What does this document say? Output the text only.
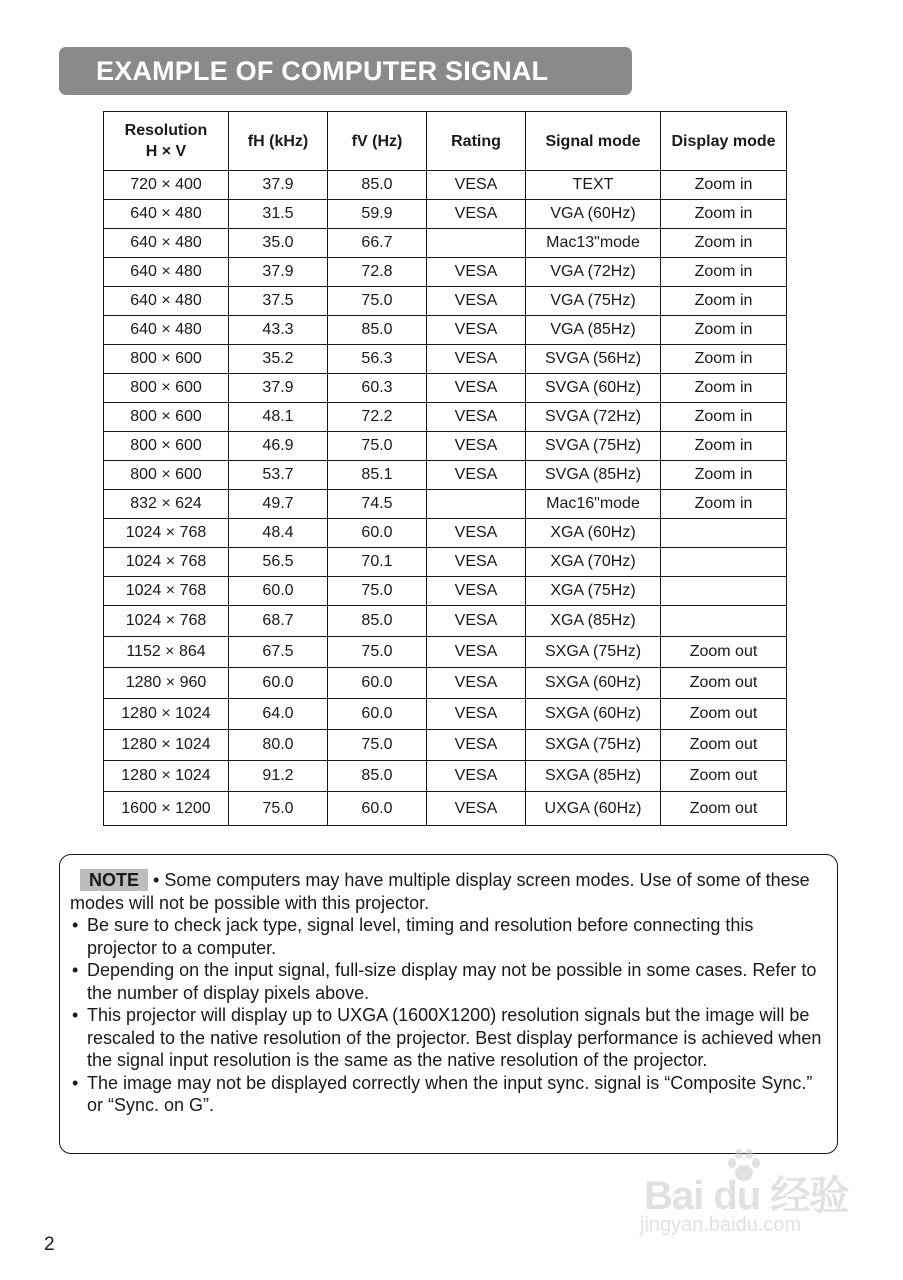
EXAMPLE OF COMPUTER SIGNAL
Resolution
H × V	fH (kHz)	fV (Hz)	Rating	Signal mode	Display mode
720 × 400	37.9	85.0	VESA	TEXT	Zoom in
640 × 480	31.5	59.9	VESA	VGA (60Hz)	Zoom in
640 × 480	35.0	66.7		Mac13"mode	Zoom in
640 × 480	37.9	72.8	VESA	VGA (72Hz)	Zoom in
640 × 480	37.5	75.0	VESA	VGA (75Hz)	Zoom in
640 × 480	43.3	85.0	VESA	VGA (85Hz)	Zoom in
800 × 600	35.2	56.3	VESA	SVGA (56Hz)	Zoom in
800 × 600	37.9	60.3	VESA	SVGA (60Hz)	Zoom in
800 × 600	48.1	72.2	VESA	SVGA (72Hz)	Zoom in
800 × 600	46.9	75.0	VESA	SVGA (75Hz)	Zoom in
800 × 600	53.7	85.1	VESA	SVGA (85Hz)	Zoom in
832 × 624	49.7	74.5		Mac16"mode	Zoom in
1024 × 768	48.4	60.0	VESA	XGA (60Hz)	
1024 × 768	56.5	70.1	VESA	XGA (70Hz)	
1024 × 768	60.0	75.0	VESA	XGA (75Hz)	
1024 × 768	68.7	85.0	VESA	XGA (85Hz)	
1152 × 864	67.5	75.0	VESA	SXGA (75Hz)	Zoom out
1280 × 960	60.0	60.0	VESA	SXGA (60Hz)	Zoom out
1280 × 1024	64.0	60.0	VESA	SXGA (60Hz)	Zoom out
1280 × 1024	80.0	75.0	VESA	SXGA (75Hz)	Zoom out
1280 × 1024	91.2	85.0	VESA	SXGA (85Hz)	Zoom out
1600 × 1200	75.0	60.0	VESA	UXGA (60Hz)	Zoom out

NOTE • Some computers may have multiple display screen modes. Use of some of these modes will not be possible with this projector.

• Be sure to check jack type, signal level, timing and resolution before connecting this projector to a computer.
• Depending on the input signal, full-size display may not be possible in some cases. Refer to the number of display pixels above.
• This projector will display up to UXGA (1600X1200) resolution signals but the image will be rescaled to the native resolution of the projector. Best display performance is achieved when the signal input resolution is the same as the native resolution of the projector.
• The image may not be displayed correctly when the input sync. signal is “Composite Sync.” or “Sync. on G”.
Bai du 经验
jingyan.baidu.com
2
